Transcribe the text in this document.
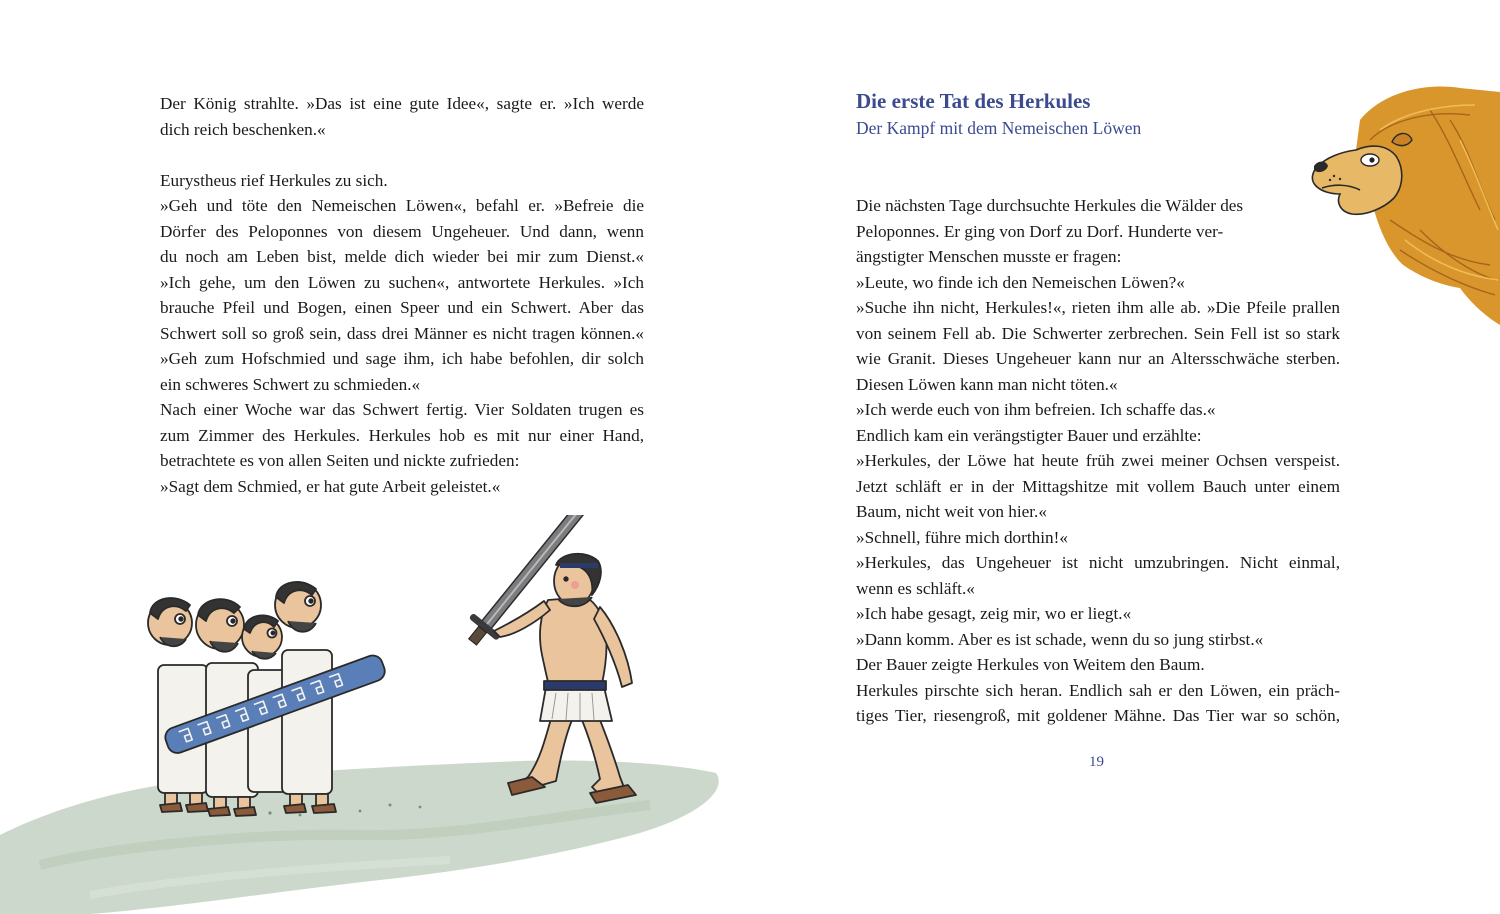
Der König strahlte. »Das ist eine gute Idee«, sagte er. »Ich werde
dich reich beschenken.«
Eurystheus rief Herkules zu sich.
»Geh und töte den Nemeischen Löwen«, befahl er. »Befreie die
Dörfer des Peloponnes von diesem Ungeheuer. Und dann, wenn
du noch am Leben bist, melde dich wieder bei mir zum Dienst.«
»Ich gehe, um den Löwen zu suchen«, antwortete Herkules. »Ich
brauche Pfeil und Bogen, einen Speer und ein Schwert. Aber das
Schwert soll so groß sein, dass drei Männer es nicht tragen können.«
»Geh zum Hofschmied und sage ihm, ich habe befohlen, dir solch
ein schweres Schwert zu schmieden.«
Nach einer Woche war das Schwert fertig. Vier Soldaten trugen es
zum Zimmer des Herkules. Herkules hob es mit nur einer Hand,
betrachtete es von allen Seiten und nickte zufrieden:
»Sagt dem Schmied, er hat gute Arbeit geleistet.«
Die erste Tat des Herkules
Der Kampf mit dem Nemeischen Löwen
Die nächsten Tage durchsuchte Herkules die Wälder des
Peloponnes. Er ging von Dorf zu Dorf. Hunderte ver-
ängstigter Menschen musste er fragen:
»Leute, wo finde ich den Nemeischen Löwen?«
»Suche ihn nicht, Herkules!«, rieten ihm alle ab. »Die Pfeile prallen
von seinem Fell ab. Die Schwerter zerbrechen. Sein Fell ist so stark
wie Granit. Dieses Ungeheuer kann nur an Altersschwäche sterben.
Diesen Löwen kann man nicht töten.«
»Ich werde euch von ihm befreien. Ich schaffe das.«
Endlich kam ein verängstigter Bauer und erzählte:
»Herkules, der Löwe hat heute früh zwei meiner Ochsen verspeist.
Jetzt schläft er in der Mittagshitze mit vollem Bauch unter einem
Baum, nicht weit von hier.«
»Schnell, führe mich dorthin!«
»Herkules, das Ungeheuer ist nicht umzubringen. Nicht einmal,
wenn es schläft.«
»Ich habe gesagt, zeig mir, wo er liegt.«
»Dann komm. Aber es ist schade, wenn du so jung stirbst.«
Der Bauer zeigte Herkules von Weitem den Baum.
Herkules pirschte sich heran. Endlich sah er den Löwen, ein präch-
tiges Tier, riesengroß, mit goldener Mähne. Das Tier war so schön,
19
